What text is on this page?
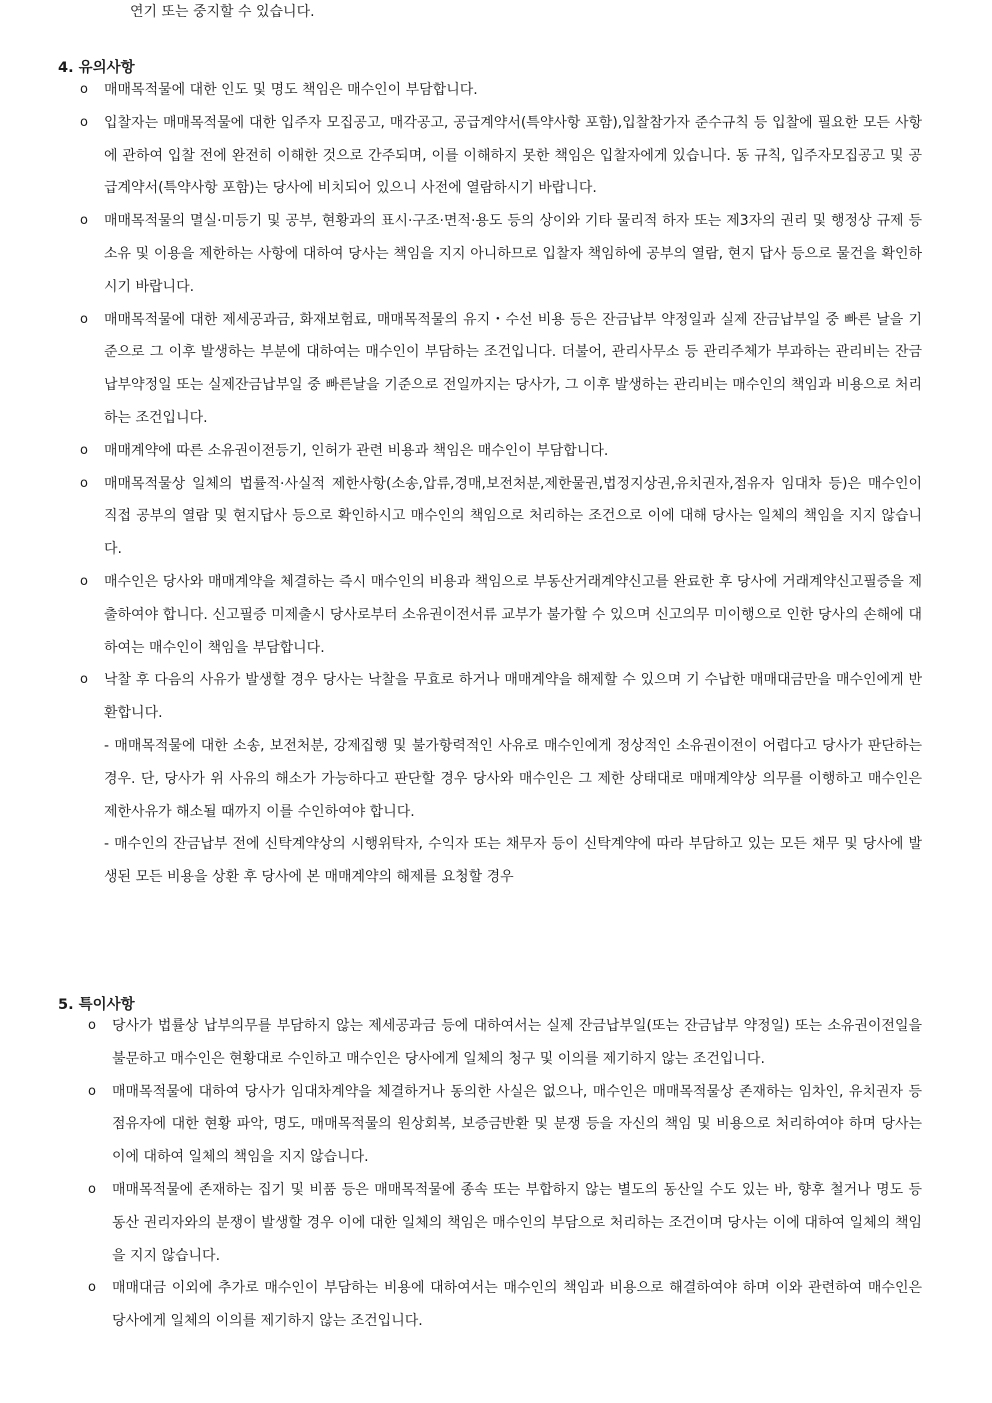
연기 또는 중지할 수 있습니다.

4. 유의사항
o 매매목적물에 대한 인도 및 명도 책임은 매수인이 부담합니다.
o 입찰자는 매매목적물에 대한 입주자 모집공고, 매각공고, 공급계약서(특약사항 포함),입찰참가자 준수규칙 등 입찰에 필요한 모든 사항에 관하여 입찰 전에 완전히 이해한 것으로 간주되며, 이를 이해하지 못한 책임은 입찰자에게 있습니다. 동 규칙, 입주자모집공고 및 공급계약서(특약사항 포함)는 당사에 비치되어 있으니 사전에 열람하시기 바랍니다.
o 매매목적물의 멸실·미등기 및 공부, 현황과의 표시·구조·면적·용도 등의 상이와 기타 물리적 하자 또는 제3자의 권리 및 행정상 규제 등 소유 및 이용을 제한하는 사항에 대하여 당사는 책임을 지지 아니하므로 입찰자 책임하에 공부의 열람, 현지 답사 등으로 물건을 확인하시기 바랍니다.
o 매매목적물에 대한 제세공과금, 화재보험료, 매매목적물의 유지・수선 비용 등은 잔금납부 약정일과 실제 잔금납부일 중 빠른 날을 기준으로 그 이후 발생하는 부분에 대하여는 매수인이 부담하는 조건입니다. 더불어, 관리사무소 등 관리주체가 부과하는 관리비는 잔금납부약정일 또는 실제잔금납부일 중 빠른날을 기준으로 전일까지는 당사가, 그 이후 발생하는 관리비는 매수인의 책임과 비용으로 처리하는 조건입니다.
o 매매계약에 따른 소유권이전등기, 인허가 관련 비용과 책임은 매수인이 부담합니다.
o 매매목적물상 일체의 법률적·사실적 제한사항(소송,압류,경매,보전처분,제한물권,법정지상권,유치권자,점유자 임대차 등)은 매수인이 직접 공부의 열람 및 현지답사 등으로 확인하시고 매수인의 책임으로 처리하는 조건으로 이에 대해 당사는 일체의 책임을 지지 않습니다.
o 매수인은 당사와 매매계약을 체결하는 즉시 매수인의 비용과 책임으로 부동산거래계약신고를 완료한 후 당사에 거래계약신고필증을 제출하여야 합니다. 신고필증 미제출시 당사로부터 소유권이전서류 교부가 불가할 수 있으며 신고의무 미이행으로 인한 당사의 손해에 대하여는 매수인이 책임을 부담합니다.
o 낙찰 후 다음의 사유가 발생할 경우 당사는 낙찰을 무효로 하거나 매매계약을 해제할 수 있으며 기 수납한 매매대금만을 매수인에게 반환합니다.
- 매매목적물에 대한 소송, 보전처분, 강제집행 및 불가항력적인 사유로 매수인에게 정상적인 소유권이전이 어렵다고 당사가 판단하는 경우. 단, 당사가 위 사유의 해소가 가능하다고 판단할 경우 당사와 매수인은 그 제한 상태대로 매매계약상 의무를 이행하고 매수인은 제한사유가 해소될 때까지 이를 수인하여야 합니다.
- 매수인의 잔금납부 전에 신탁계약상의 시행위탁자, 수익자 또는 채무자 등이 신탁계약에 따라 부담하고 있는 모든 채무 및 당사에 발생된 모든 비용을 상환 후 당사에 본 매매계약의 해제를 요청할 경우
5. 특이사항
o 당사가 법률상 납부의무를 부담하지 않는 제세공과금 등에 대하여서는 실제 잔금납부일(또는 잔금납부 약정일) 또는 소유권이전일을 불문하고 매수인은 현황대로 수인하고 매수인은 당사에게 일체의 청구 및 이의를 제기하지 않는 조건입니다.
o 매매목적물에 대하여 당사가 임대차계약을 체결하거나 동의한 사실은 없으나, 매수인은 매매목적물상 존재하는 임차인, 유치권자 등 점유자에 대한 현황 파악, 명도, 매매목적물의 원상회복, 보증금반환 및 분쟁 등을 자신의 책임 및 비용으로 처리하여야 하며 당사는 이에 대하여 일체의 책임을 지지 않습니다.
o 매매목적물에 존재하는 집기 및 비품 등은 매매목적물에 종속 또는 부합하지 않는 별도의 동산일 수도 있는 바, 향후 철거나 명도 등 동산 권리자와의 분쟁이 발생할 경우 이에 대한 일체의 책임은 매수인의 부담으로 처리하는 조건이며 당사는 이에 대하여 일체의 책임을 지지 않습니다.
o 매매대금 이외에 추가로 매수인이 부담하는 비용에 대하여서는 매수인의 책임과 비용으로 해결하여야 하며 이와 관련하여 매수인은 당사에게 일체의 이의를 제기하지 않는 조건입니다.
